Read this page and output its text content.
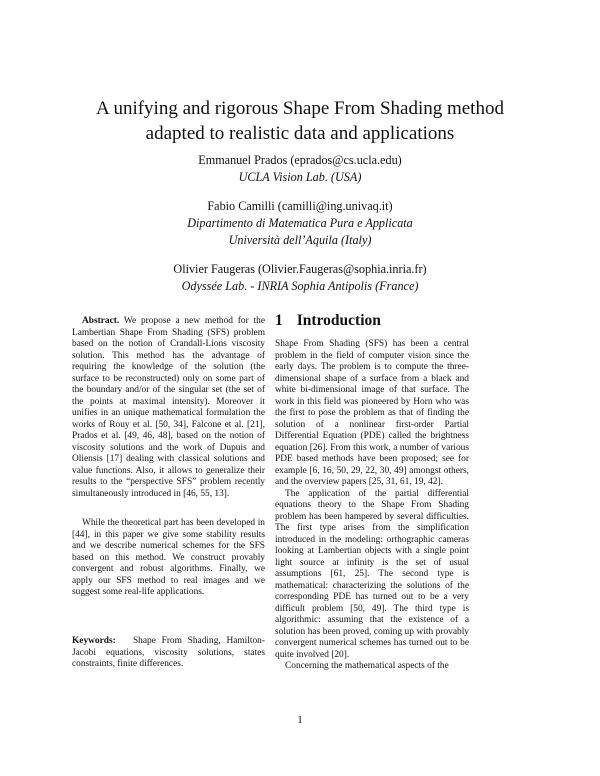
A unifying and rigorous Shape From Shading method
adapted to realistic data and applications
Emmanuel Prados (eprados@cs.ucla.edu)
UCLA Vision Lab. (USA)
Fabio Camilli (camilli@ing.univaq.it)
Dipartimento di Matematica Pura e Applicata
Università dell’Aquila (Italy)
Olivier Faugeras (Olivier.Faugeras@sophia.inria.fr)
Odyssée Lab. - INRIA Sophia Antipolis (France)

Abstract. We propose a new method for the Lambertian Shape From Shading (SFS) problem based on the notion of Crandall-Lions viscosity solution. This method has the advantage of requiring the knowledge of the solution (the surface to be reconstructed) only on some part of the boundary and/or of the singular set (the set of the points at maximal intensity). Moreover it unifies in an unique mathematical formulation the works of Rouy et al. [50, 34], Falcone et al. [21], Prados et al. [49, 46, 48], based on the notion of viscosity solutions and the work of Dupuis and Oliensis [17] dealing with classical solutions and value functions. Also, it allows to generalize their results to the “perspective SFS” problem recently simultaneously introduced in [46, 55, 13].

While the theoretical part has been developed in [44], in this paper we give some stability results and we describe numerical schemes for the SFS based on this method. We construct provably convergent and robust algorithms. Finally, we apply our SFS method to real images and we suggest some real-life applications.

Keywords: Shape From Shading, Hamilton-Jacobi equations, viscosity solutions, states constraints, finite differences.

1 Introduction

Shape From Shading (SFS) has been a central problem in the field of computer vision since the early days. The problem is to compute the three-dimensional shape of a surface from a black and white bi-dimensional image of that surface. The work in this field was pioneered by Horn who was the first to pose the problem as that of finding the solution of a nonlinear first-order Partial Differential Equation (PDE) called the brightness equation [26]. From this work, a number of various PDE based methods have been proposed; see for example [6, 16, 50, 29, 22, 30, 49] amongst others, and the overview papers [25, 31, 61, 19, 42].

The application of the partial differential equations theory to the Shape From Shading problem has been hampered by several difficulties. The first type arises from the simplification introduced in the modeling: orthographic cameras looking at Lambertian objects with a single point light source at infinity is the set of usual assumptions [61, 25]. The second type is mathematical: characterizing the solutions of the corresponding PDE has turned out to be a very difficult problem [50, 49]. The third type is algorithmic: assuming that the existence of a solution has been proved, coming up with provably convergent numerical schemes has turned out to be quite involved [20].

Concerning the mathematical aspects of the

1
